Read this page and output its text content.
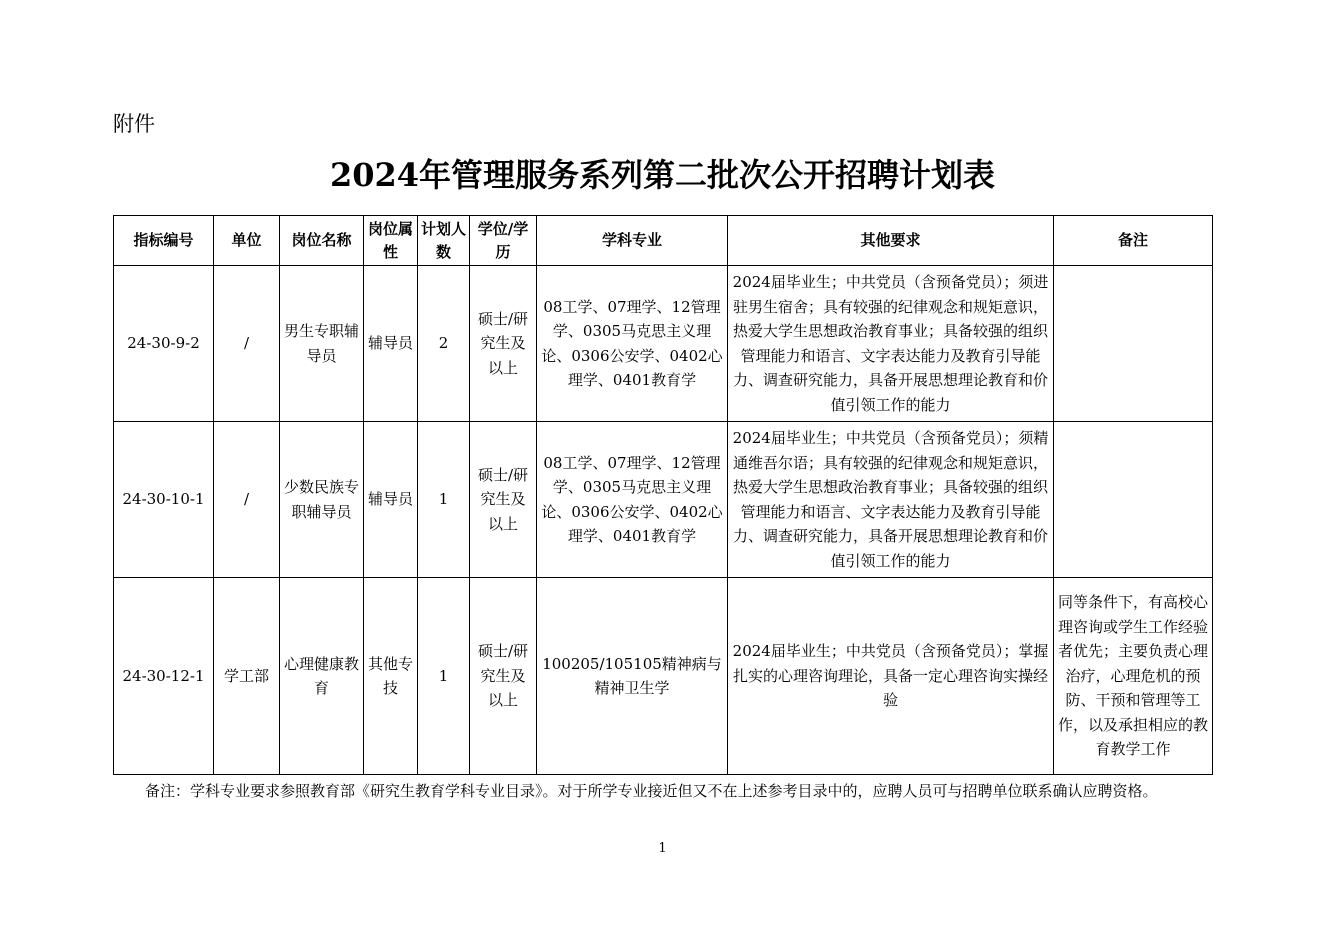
附件
2024年管理服务系列第二批次公开招聘计划表
指标编号	单位	岗位名称	岗位属性	计划人数	学位/学历	学科专业	其他要求	备注
24-30-9-2	/	男生专职辅导员	辅导员	2	硕士/研究生及以上	08工学、07理学、12管理学、0305马克思主义理论、0306公安学、0402心理学、0401教育学	2024届毕业生；中共党员（含预备党员）；须进驻男生宿舍；具有较强的纪律观念和规矩意识，热爱大学生思想政治教育事业；具备较强的组织管理能力和语言、文字表达能力及教育引导能力、调查研究能力，具备开展思想理论教育和价值引领工作的能力	
24-30-10-1	/	少数民族专职辅导员	辅导员	1	硕士/研究生及以上	08工学、07理学、12管理学、0305马克思主义理论、0306公安学、0402心理学、0401教育学	2024届毕业生；中共党员（含预备党员）；须精通维吾尔语；具有较强的纪律观念和规矩意识，热爱大学生思想政治教育事业；具备较强的组织管理能力和语言、文字表达能力及教育引导能力、调查研究能力，具备开展思想理论教育和价值引领工作的能力	
24-30-12-1	学工部	心理健康教育	其他专技	1	硕士/研究生及以上	100205/105105精神病与精神卫生学	2024届毕业生；中共党员（含预备党员）；掌握扎实的心理咨询理论，具备一定心理咨询实操经验	同等条件下，有高校心理咨询或学生工作经验者优先；主要负责心理治疗，心理危机的预防、干预和管理等工作，以及承担相应的教育教学工作
备注：学科专业要求参照教育部《研究生教育学科专业目录》。对于所学专业接近但又不在上述参考目录中的，应聘人员可与招聘单位联系确认应聘资格。
1
